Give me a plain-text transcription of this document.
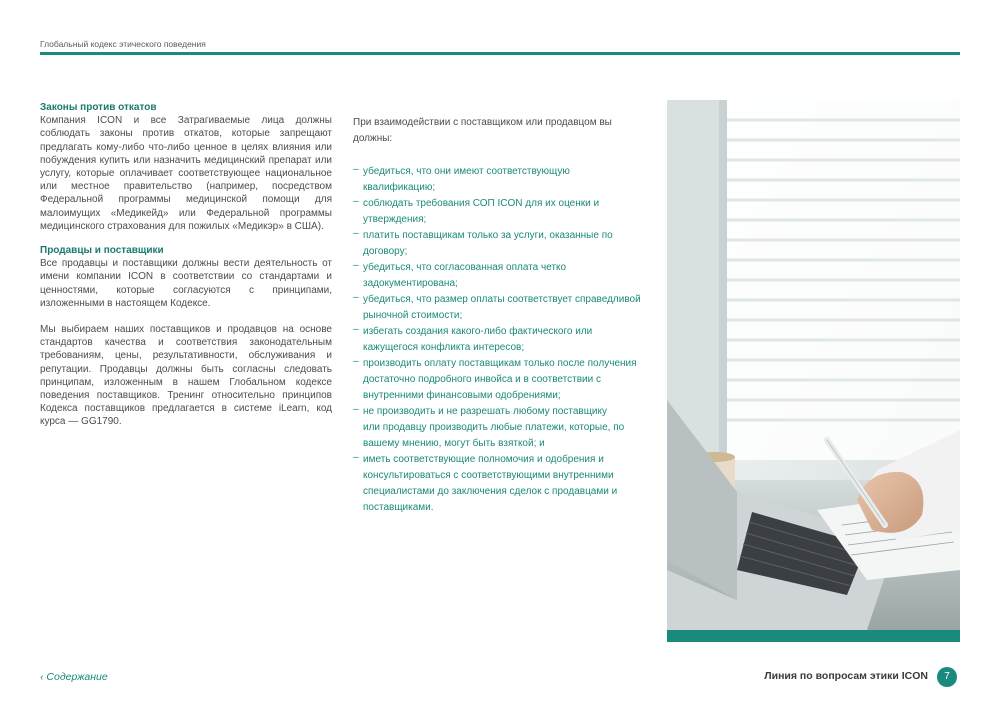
Глобальный кодекс этического поведения
Законы против откатов

Компания ICON и все Затрагиваемые лица должны соблюдать законы против откатов, которые запрещают предлагать кому-либо что-либо ценное в целях влияния или побуждения купить или назначить медицинский препарат или услугу, которые оплачивает соответствующее национальное или местное правительство (например, посредством Федеральной программы медицинской помощи для малоимущих «Медикейд» или Федеральной программы медицинского страхования для пожилых «Медикэр» в США).

Продавцы и поставщики

Все продавцы и поставщики должны вести деятельность от имени компании ICON в соответствии со стандартами и ценностями, которые согласуются с принципами, изложенными в настоящем Кодексе.

Мы выбираем наших поставщиков и продавцов на основе стандартов качества и соответствия законодательным требованиям, цены, результативности, обслуживания и репутации. Продавцы должны быть согласны следовать принципам, изложенным в нашем Глобальном кодексе поведения поставщиков. Тренинг относительно принципов Кодекса поставщиков предлагается в системе iLearn, код курса — GG1790.

При взаимодействии с поставщиком или продавцом вы должны:

– убедиться, что они имеют соответствующую
квалификацию;
– соблюдать требования СОП ICON для их оценки и
утверждения;
– платить поставщикам только за услуги, оказанные по
договору;
– убедиться, что согласованная оплата четко
задокументирована;
– убедиться, что размер оплаты соответствует справедливой
рыночной стоимости;
– избегать создания какого-либо фактического или
кажущегося конфликта интересов;
– производить оплату поставщикам только после получения
достаточно подробного инвойса и в соответствии с внутренними финансовыми одобрениями;
– не производить и не разрешать любому поставщику
или продавцу производить любые платежи, которые, по вашему мнению, могут быть взяткой; и
– иметь соответствующие полномочия и одобрения и
консультироваться с соответствующими внутренними специалистами до заключения сделок с продавцами и поставщиками.
‹ Содержание	Линия по вопросам этики ICON	7
